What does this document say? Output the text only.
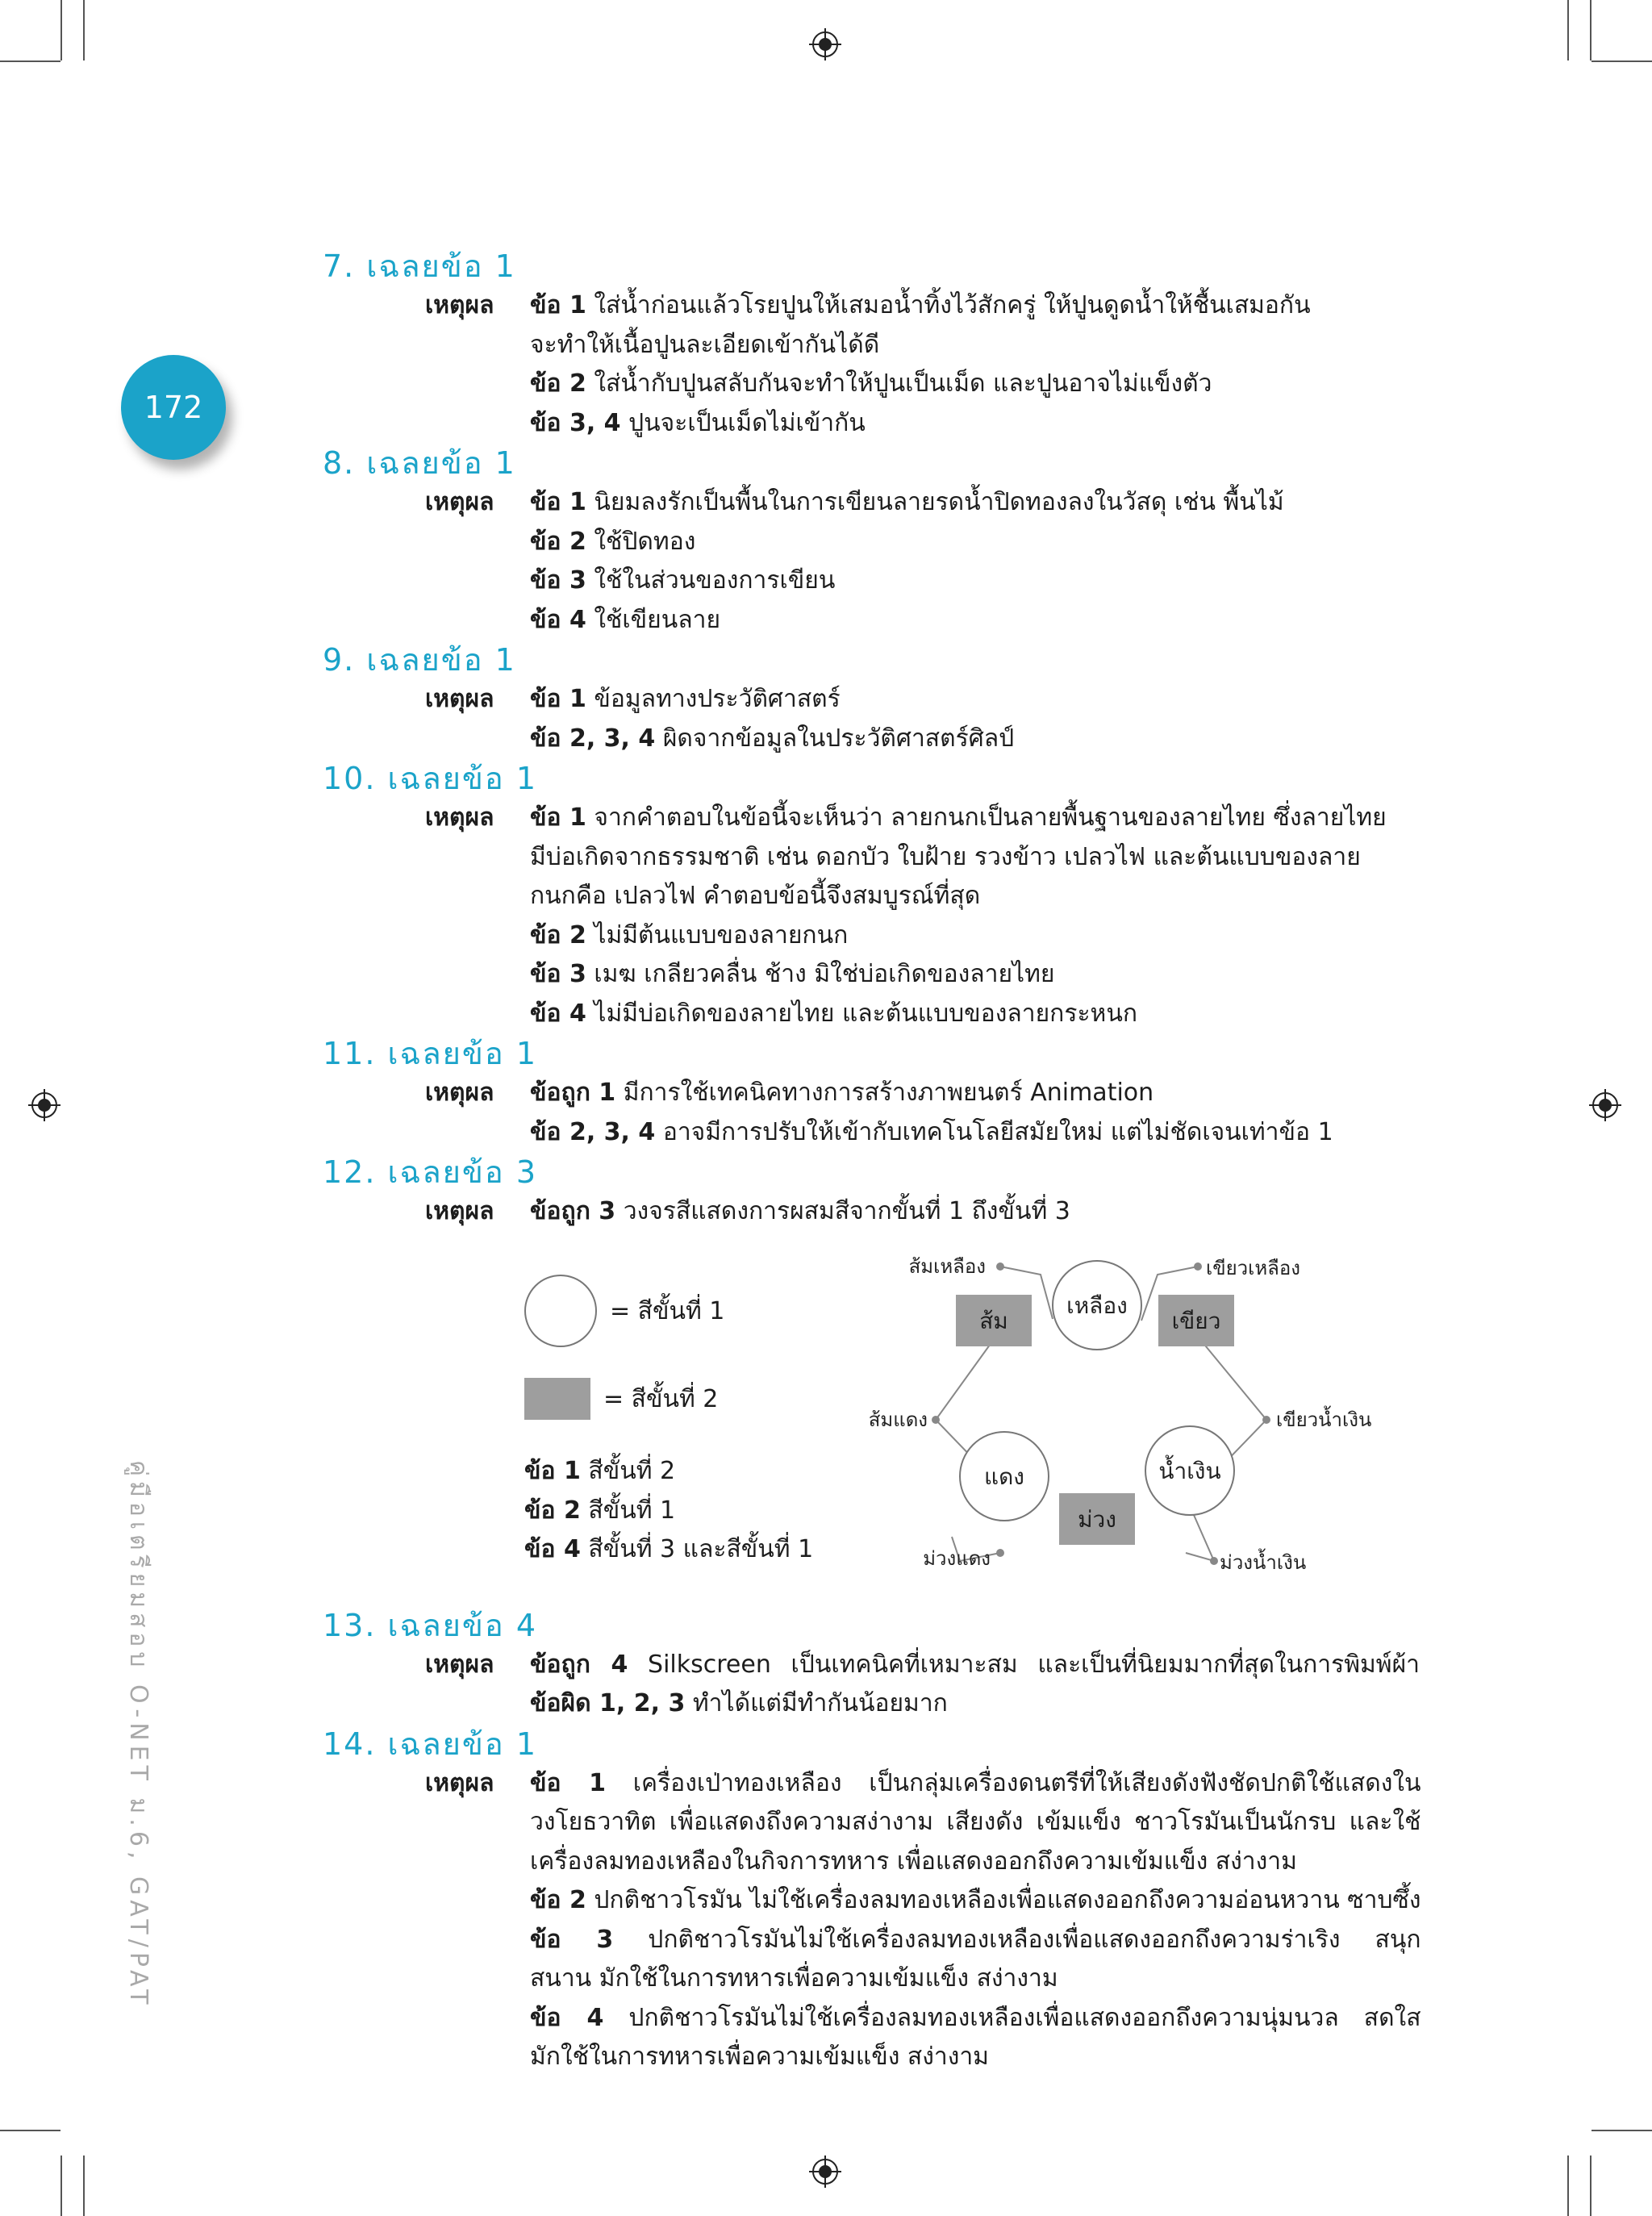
172
คู่มือเตรียมสอบ O-NET ม.6, GAT/PAT
7. เฉลยข้อ 1
เหตุผล	ข้อ 1 ใส่น้ำก่อนแล้วโรยปูนให้เสมอน้ำทิ้งไว้สักครู่ ให้ปูนดูดน้ำให้ชื้นเสมอกัน
จะทำให้เนื้อปูนละเอียดเข้ากันได้ดี
ข้อ 2 ใส่น้ำกับปูนสลับกันจะทำให้ปูนเป็นเม็ด และปูนอาจไม่แข็งตัว
ข้อ 3, 4 ปูนจะเป็นเม็ดไม่เข้ากัน
8. เฉลยข้อ 1
เหตุผล	ข้อ 1 นิยมลงรักเป็นพื้นในการเขียนลายรดน้ำปิดทองลงในวัสดุ เช่น พื้นไม้
ข้อ 2 ใช้ปิดทอง
ข้อ 3 ใช้ในส่วนของการเขียน
ข้อ 4 ใช้เขียนลาย
9. เฉลยข้อ 1
เหตุผล	ข้อ 1 ข้อมูลทางประวัติศาสตร์
ข้อ 2, 3, 4 ผิดจากข้อมูลในประวัติศาสตร์ศิลป์
10. เฉลยข้อ 1
เหตุผล	ข้อ 1 จากคำตอบในข้อนี้จะเห็นว่า ลายกนกเป็นลายพื้นฐานของลายไทย ซึ่งลายไทย
มีบ่อเกิดจากธรรมชาติ เช่น ดอกบัว ใบฝ้าย รวงข้าว เปลวไฟ และต้นแบบของลาย
กนกคือ เปลวไฟ คำตอบข้อนี้จึงสมบูรณ์ที่สุด
ข้อ 2 ไม่มีต้นแบบของลายกนก
ข้อ 3 เมฆ เกลียวคลื่น ช้าง มิใช่บ่อเกิดของลายไทย
ข้อ 4 ไม่มีบ่อเกิดของลายไทย และต้นแบบของลายกระหนก
11. เฉลยข้อ 1
เหตุผล	ข้อถูก 1 มีการใช้เทคนิคทางการสร้างภาพยนตร์ Animation
ข้อ 2, 3, 4 อาจมีการปรับให้เข้ากับเทคโนโลยีสมัยใหม่ แต่ไม่ชัดเจนเท่าข้อ 1
12. เฉลยข้อ 3
เหตุผล	ข้อถูก 3 วงจรสีแสดงการผสมสีจากขั้นที่ 1 ถึงขั้นที่ 3
13. เฉลยข้อ 4
เหตุผล	ข้อถูก 4 Silkscreen เป็นเทคนิคที่เหมาะสม และเป็นที่นิยมมากที่สุดในการพิมพ์ผ้า
ข้อผิด 1, 2, 3 ทำได้แต่มีทำกันน้อยมาก
14. เฉลยข้อ 1
เหตุผล	ข้อ 1 เครื่องเป่าทองเหลือง เป็นกลุ่มเครื่องดนตรีที่ให้เสียงดังฟังชัดปกติใช้แสดงใน
วงโยธวาทิต เพื่อแสดงถึงความสง่างาม เสียงดัง เข้มแข็ง ชาวโรมันเป็นนักรบ และใช้
เครื่องลมทองเหลืองในกิจการทหาร เพื่อแสดงออกถึงความเข้มแข็ง สง่างาม
ข้อ 2 ปกติชาวโรมัน ไม่ใช้เครื่องลมทองเหลืองเพื่อแสดงออกถึงความอ่อนหวาน ซาบซึ้ง
ข้อ 3 ปกติชาวโรมันไม่ใช้เครื่องลมทองเหลืองเพื่อแสดงออกถึงความร่าเริง สนุก
สนาน มักใช้ในการทหารเพื่อความเข้มแข็ง สง่างาม
ข้อ 4 ปกติชาวโรมันไม่ใช้เครื่องลมทองเหลืองเพื่อแสดงออกถึงความนุ่มนวล สดใส
มักใช้ในการทหารเพื่อความเข้มแข็ง สง่างาม
= สีขั้นที่ 1
= สีขั้นที่ 2
ข้อ 1 สีขั้นที่ 2
ข้อ 2 สีขั้นที่ 1
ข้อ 4 สีขั้นที่ 3 และสีขั้นที่ 1
เหลือง
แดง	น้ำเงิน
ส้ม	เขียว
ม่วง
ส้มเหลือง	เขียวเหลือง
ส้มแดง	เขียวน้ำเงิน
ม่วงแดง	ม่วงน้ำเงิน
